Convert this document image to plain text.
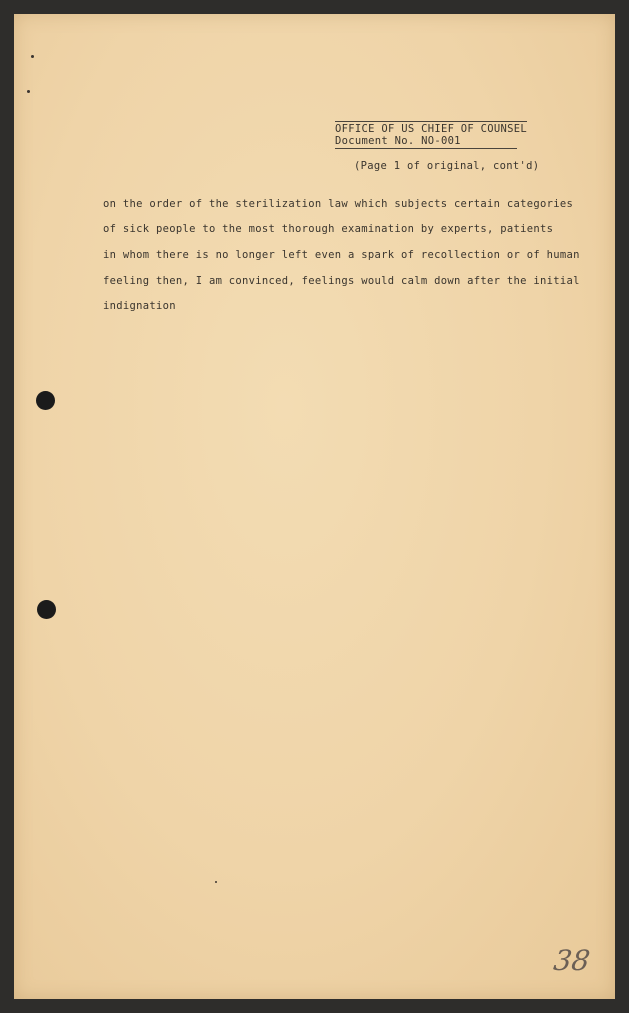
OFFICE OF US CHIEF OF COUNSEL
Document No. NO-001
(Page 1 of original, cont'd)
on the order of the sterilization law which subjects certain categories
of sick people to the most thorough examination by experts, patients
in whom there is no longer left even a spark of recollection or of human
feeling then, I am convinced, feelings would calm down after the initial
indignation
38
